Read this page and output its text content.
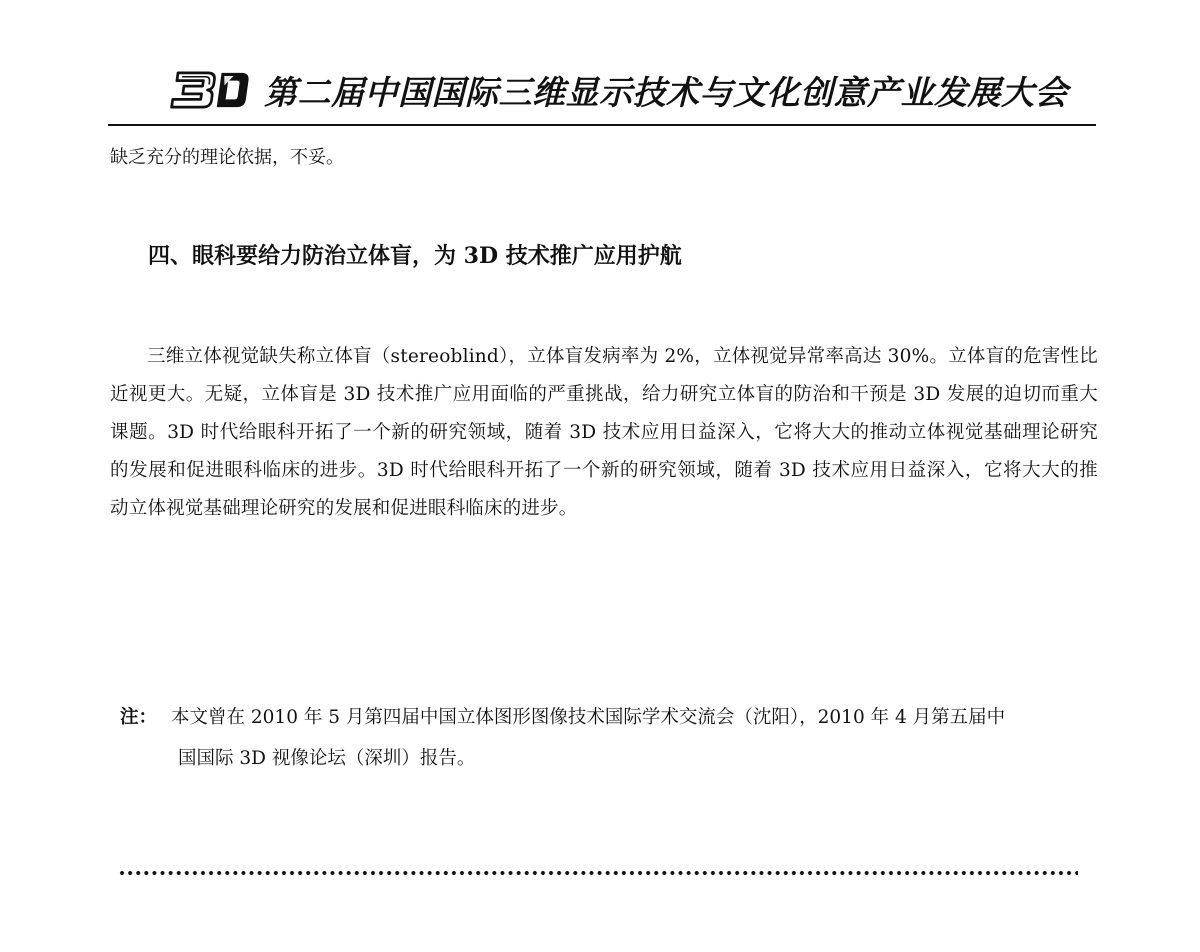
第二届中国国际三维显示技术与文化创意产业发展大会
缺乏充分的理论依据，不妥。
四、眼科要给力防治立体盲，为 3D 技术推广应用护航

三维立体视觉缺失称立体盲（stereoblind），立体盲发病率为 2%，立体视觉异常率高达 30%。立体盲的危害性比近视更大。无疑，立体盲是 3D 技术推广应用面临的严重挑战，给力研究立体盲的防治和干预是 3D 发展的迫切而重大课题。3D 时代给眼科开拓了一个新的研究领域，随着 3D 技术应用日益深入，它将大大的推动立体视觉基础理论研究的发展和促进眼科临床的进步。3D 时代给眼科开拓了一个新的研究领域，随着 3D 技术应用日益深入，它将大大的推动立体视觉基础理论研究的发展和促进眼科临床的进步。

注： 本文曾在 2010 年 5 月第四届中国立体图形图像技术国际学术交流会（沈阳），2010 年 4 月第五届中
国国际 3D 视像论坛（深圳）报告。
